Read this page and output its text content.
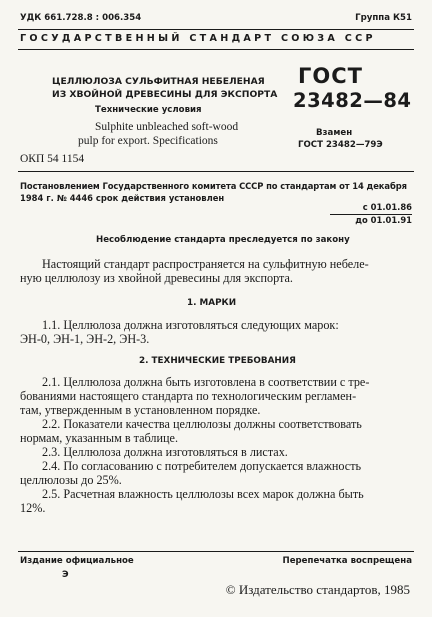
УДК 661.728.8 : 006.354	Группа К51
ГОСУДАРСТВЕННЫЙ СТАНДАРТ СОЮЗА ССР
ЦЕЛЛЮЛОЗА СУЛЬФИТНАЯ НЕБЕЛЕНАЯ
ИЗ ХВОЙНОЙ ДРЕВЕСИНЫ ДЛЯ ЭКСПОРТА
Технические условия
Sulphite unbleached soft-wood
pulp for export. Specifications
ГОСТ
23482—84
Взамен
ГОСТ 23482—79Э
ОКП 54 1154
Постановлением Государственного комитета СССР по стандартам от 14 декабря
1984 г. № 4446 срок действия установлен
с 01.01.86
до 01.01.91
Несоблюдение стандарта преследуется по закону
Настоящий стандарт распространяется на сульфитную небеле-
ную целлюлозу из хвойной древесины для экспорта.
1. МАРКИ
1.1. Целлюлоза должна изготовляться следующих марок:
ЭН-0, ЭН-1, ЭН-2, ЭН-3.
2. ТЕХНИЧЕСКИЕ ТРЕБОВАНИЯ
2.1. Целлюлоза должна быть изготовлена в соответствии с тре-
бованиями настоящего стандарта по технологическим регламен-
там, утвержденным в установленном порядке.
2.2. Показатели качества целлюлозы должны соответствовать
нормам, указанным в таблице.
2.3. Целлюлоза должна изготовляться в листах.
2.4. По согласованию с потребителем допускается влажность
целлюлозы до 25%.
2.5. Расчетная влажность целлюлозы всех марок должна быть
12%.
Издание официальное	Перепечатка воспрещена
Э
© Издательство стандартов, 1985
